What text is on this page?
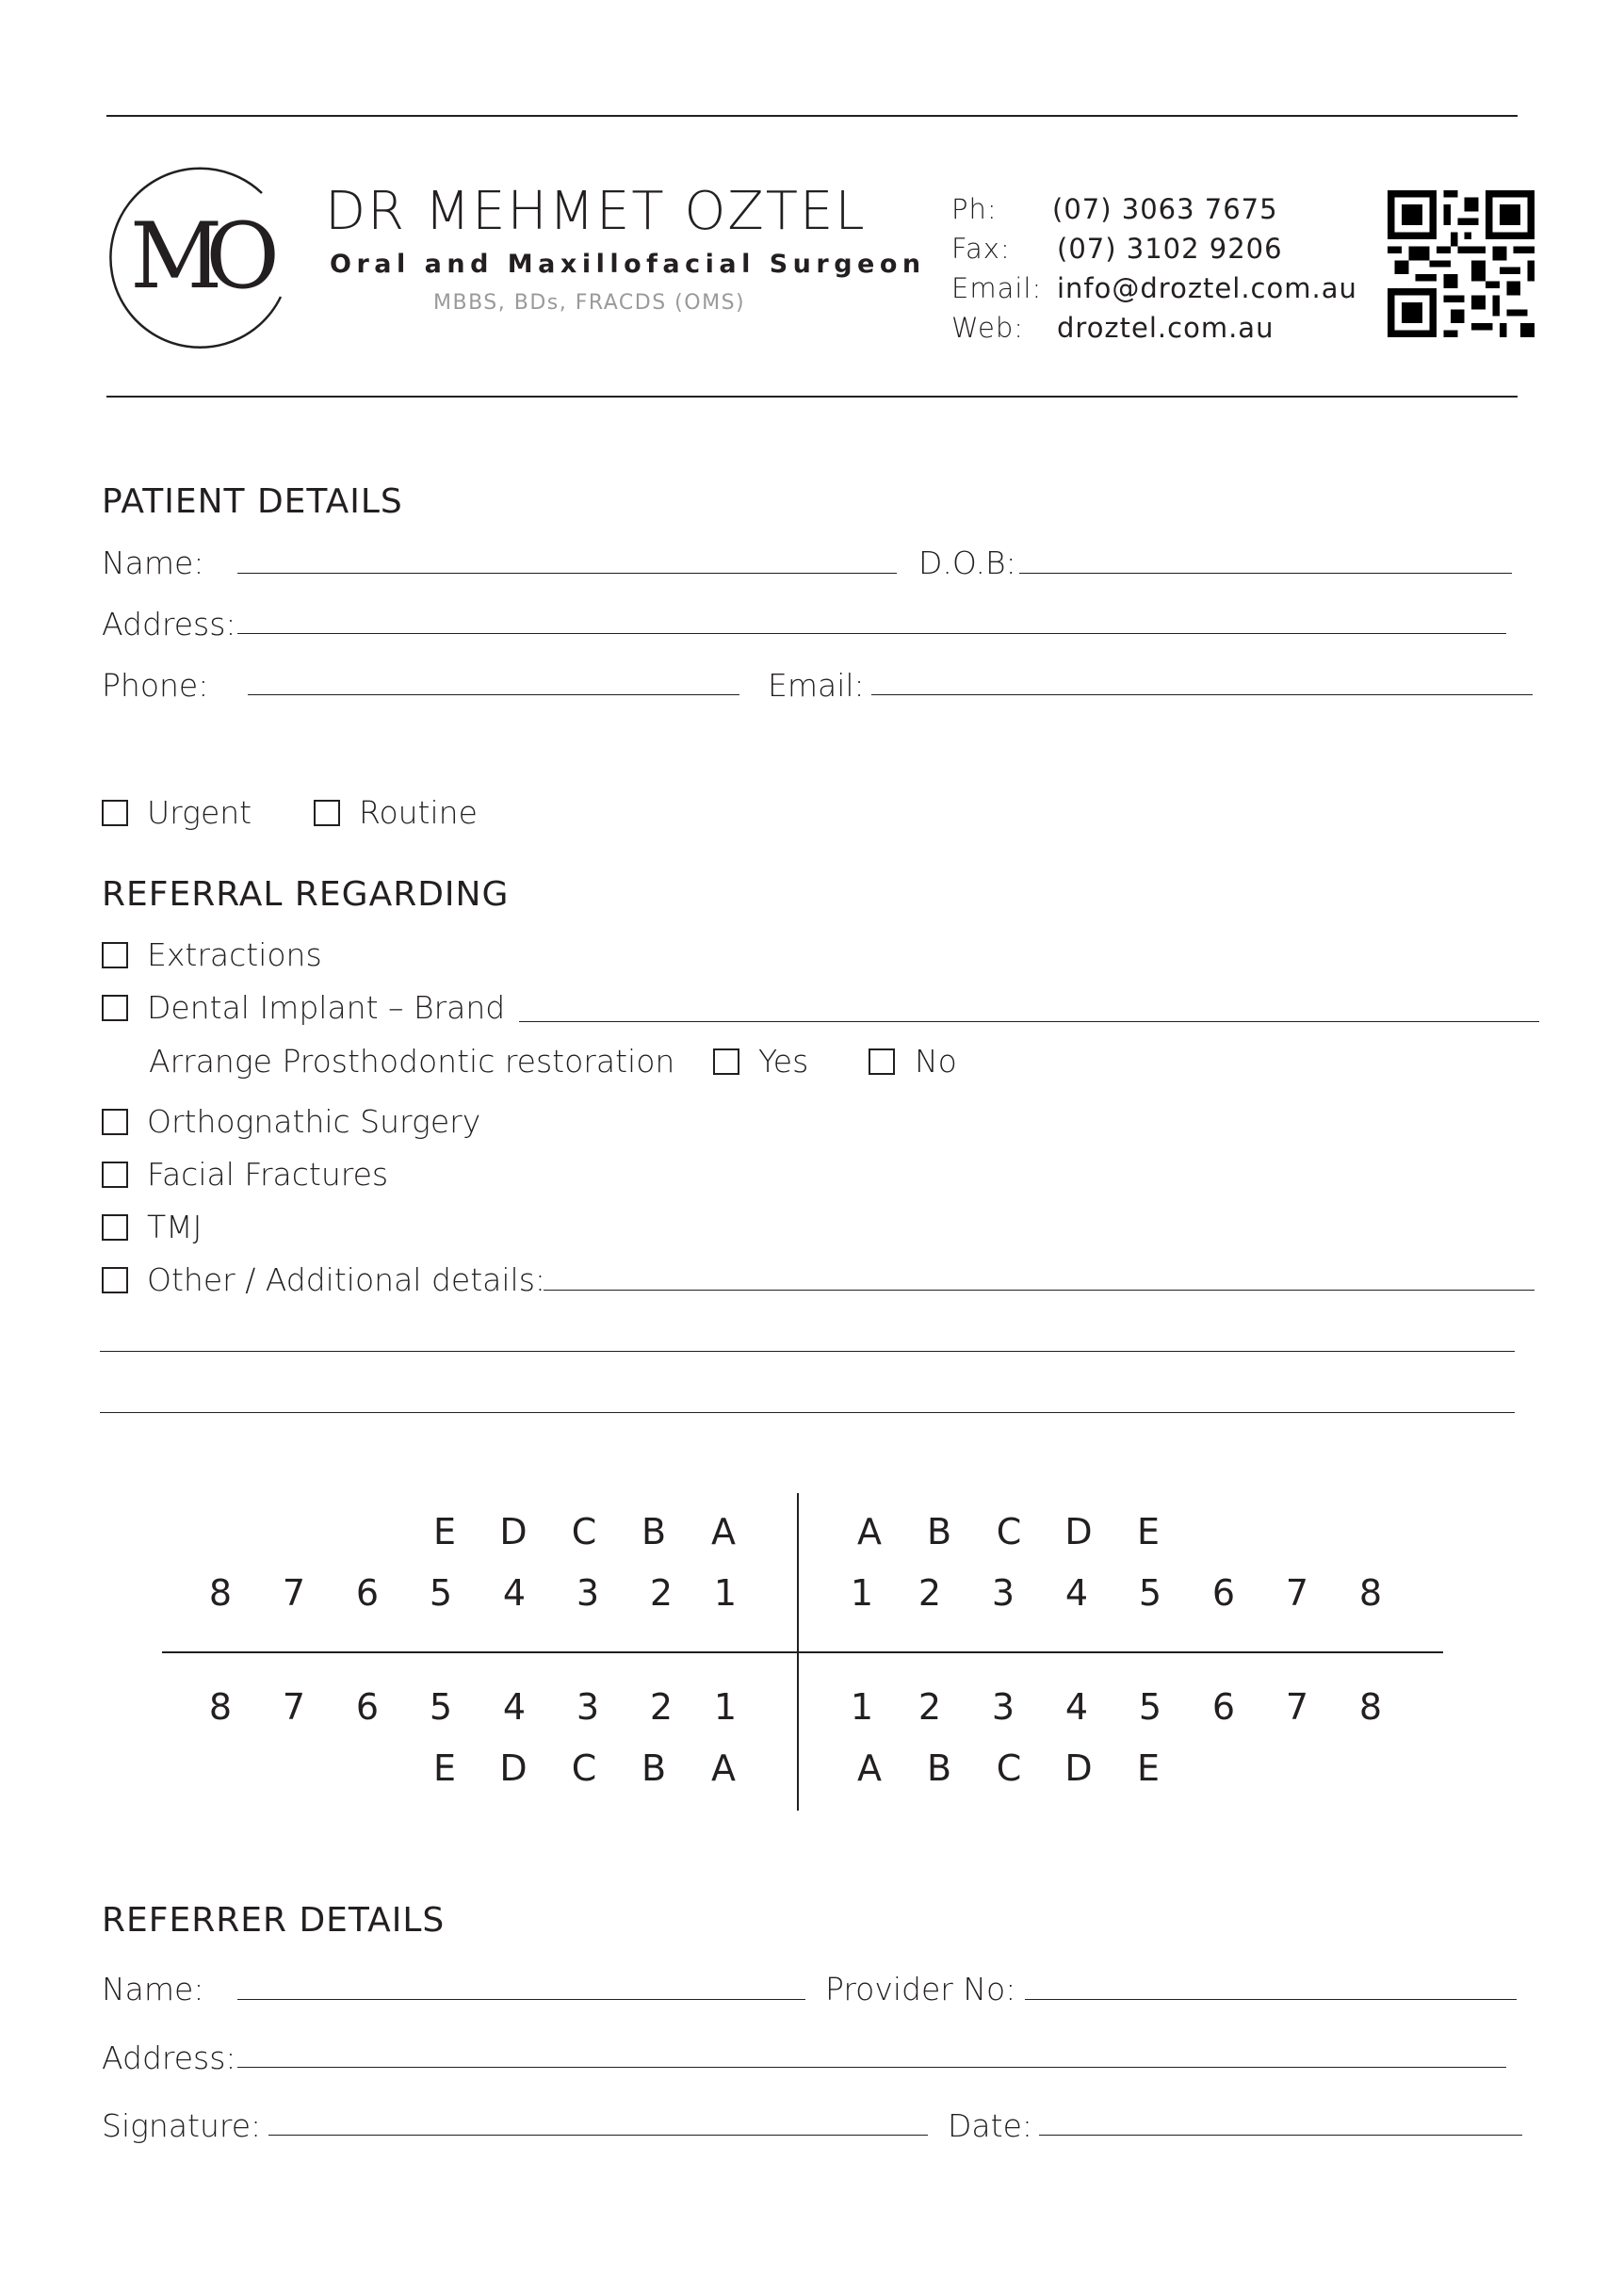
MO DR MEHMET OZTEL
Oral and Maxillofacial Surgeon
MBBS, BDs, FRACDS (OMS)
Ph: (07) 3063 7675
Fax: (07) 3102 9206
Email: info@droztel.com.au
Web: droztel.com.au
PATIENT DETAILS
Name:	D.O.B:
Address:
Phone:	Email:
Urgent	Routine
REFERRAL REGARDING
Extractions
Dental Implant – Brand
Arrange Prosthodontic restoration	Yes	No
Orthognathic Surgery
Facial Fractures
TMJ
Other / Additional details:
E D C B A	A B C D E
8 7 6 5 4 3 2 1	1 2 3 4 5 6 7 8
8 7 6 5 4 3 2 1	1 2 3 4 5 6 7 8
E D C B A	A B C D E
REFERRER DETAILS
Name:	Provider No:
Address:
Signature:	Date:
